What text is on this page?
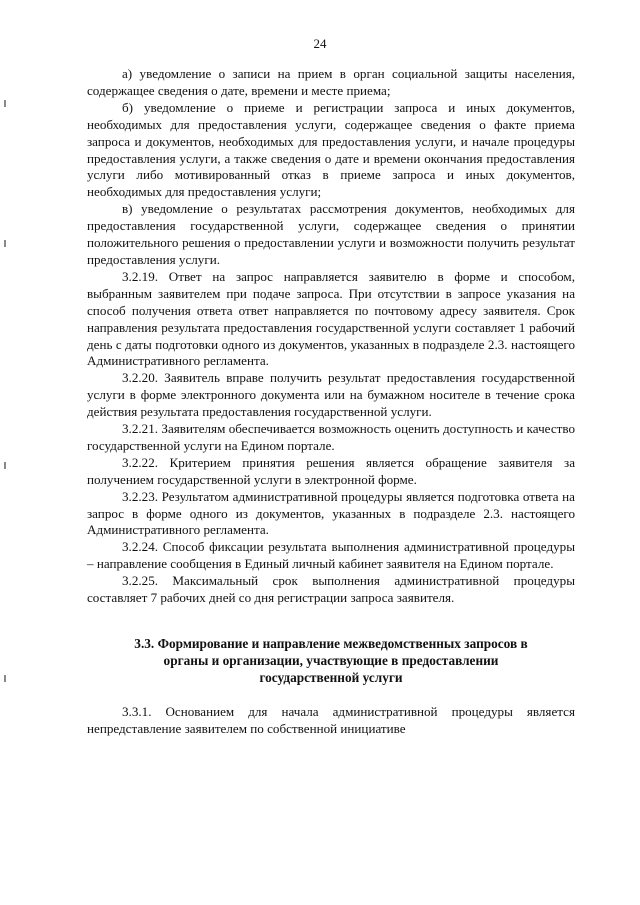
24

а) уведомление о записи на прием в орган социальной защиты населения, содержащее сведения о дате, времени и месте приема;

б) уведомление о приеме и регистрации запроса и иных документов, необходимых для предоставления услуги, содержащее сведения о факте приема запроса и документов, необходимых для предоставления услуги, и начале процедуры предоставления услуги, а также сведения о дате и времени окончания предоставления услуги либо мотивированный отказ в приеме запроса и иных документов, необходимых для предоставления услуги;

в) уведомление о результатах рассмотрения документов, необходимых для предоставления государственной услуги, содержащее сведения о принятии положительного решения о предоставлении услуги и возможности получить результат предоставления услуги.

3.2.19. Ответ на запрос направляется заявителю в форме и способом, выбранным заявителем при подаче запроса. При отсутствии в запросе указания на способ получения ответа ответ направляется по почтовому адресу заявителя. Срок направления результата предоставления государственной услуги составляет 1 рабочий день с даты подготовки одного из документов, указанных в подразделе 2.3. настоящего Административного регламента.

3.2.20. Заявитель вправе получить результат предоставления государственной услуги в форме электронного документа или на бумажном носителе в течение срока действия результата предоставления государственной услуги.

3.2.21. Заявителям обеспечивается возможность оценить доступность и качество государственной услуги на Едином портале.

3.2.22. Критерием принятия решения является обращение заявителя за получением государственной услуги в электронной форме.

3.2.23. Результатом административной процедуры является подготовка ответа на запрос в форме одного из документов, указанных в подразделе 2.3. настоящего Административного регламента.

3.2.24. Способ фиксации результата выполнения административной процедуры – направление сообщения в Единый личный кабинет заявителя на Едином портале.

3.2.25. Максимальный срок выполнения административной процедуры составляет 7 рабочих дней со дня регистрации запроса заявителя.

3.3. Формирование и направление межведомственных запросов в
органы и организации, участвующие в предоставлении
государственной услуги

3.3.1. Основанием для начала административной процедуры является непредставление заявителем по собственной инициативе
